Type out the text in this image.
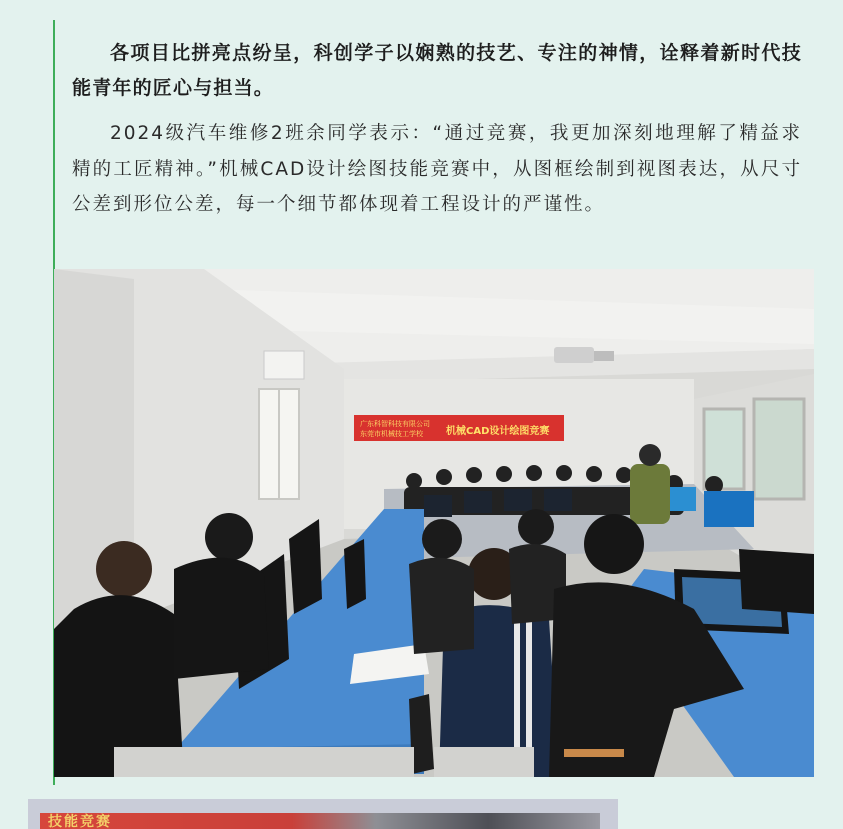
各项目比拼亮点纷呈，科创学子以娴熟的技艺、专注的神情，诠释着新时代技能青年的匠心与担当。

2024级汽车维修2班余同学表示：“通过竞赛，我更加深刻地理解了精益求精的工匠精神。”机械CAD设计绘图技能竞赛中，从图框绘制到视图表达，从尺寸公差到形位公差，每一个细节都体现着工程设计的严谨性。

广东科智科技有限公司
东莞市机械技工学校 机械CAD设计绘图竞赛
技能竞赛
